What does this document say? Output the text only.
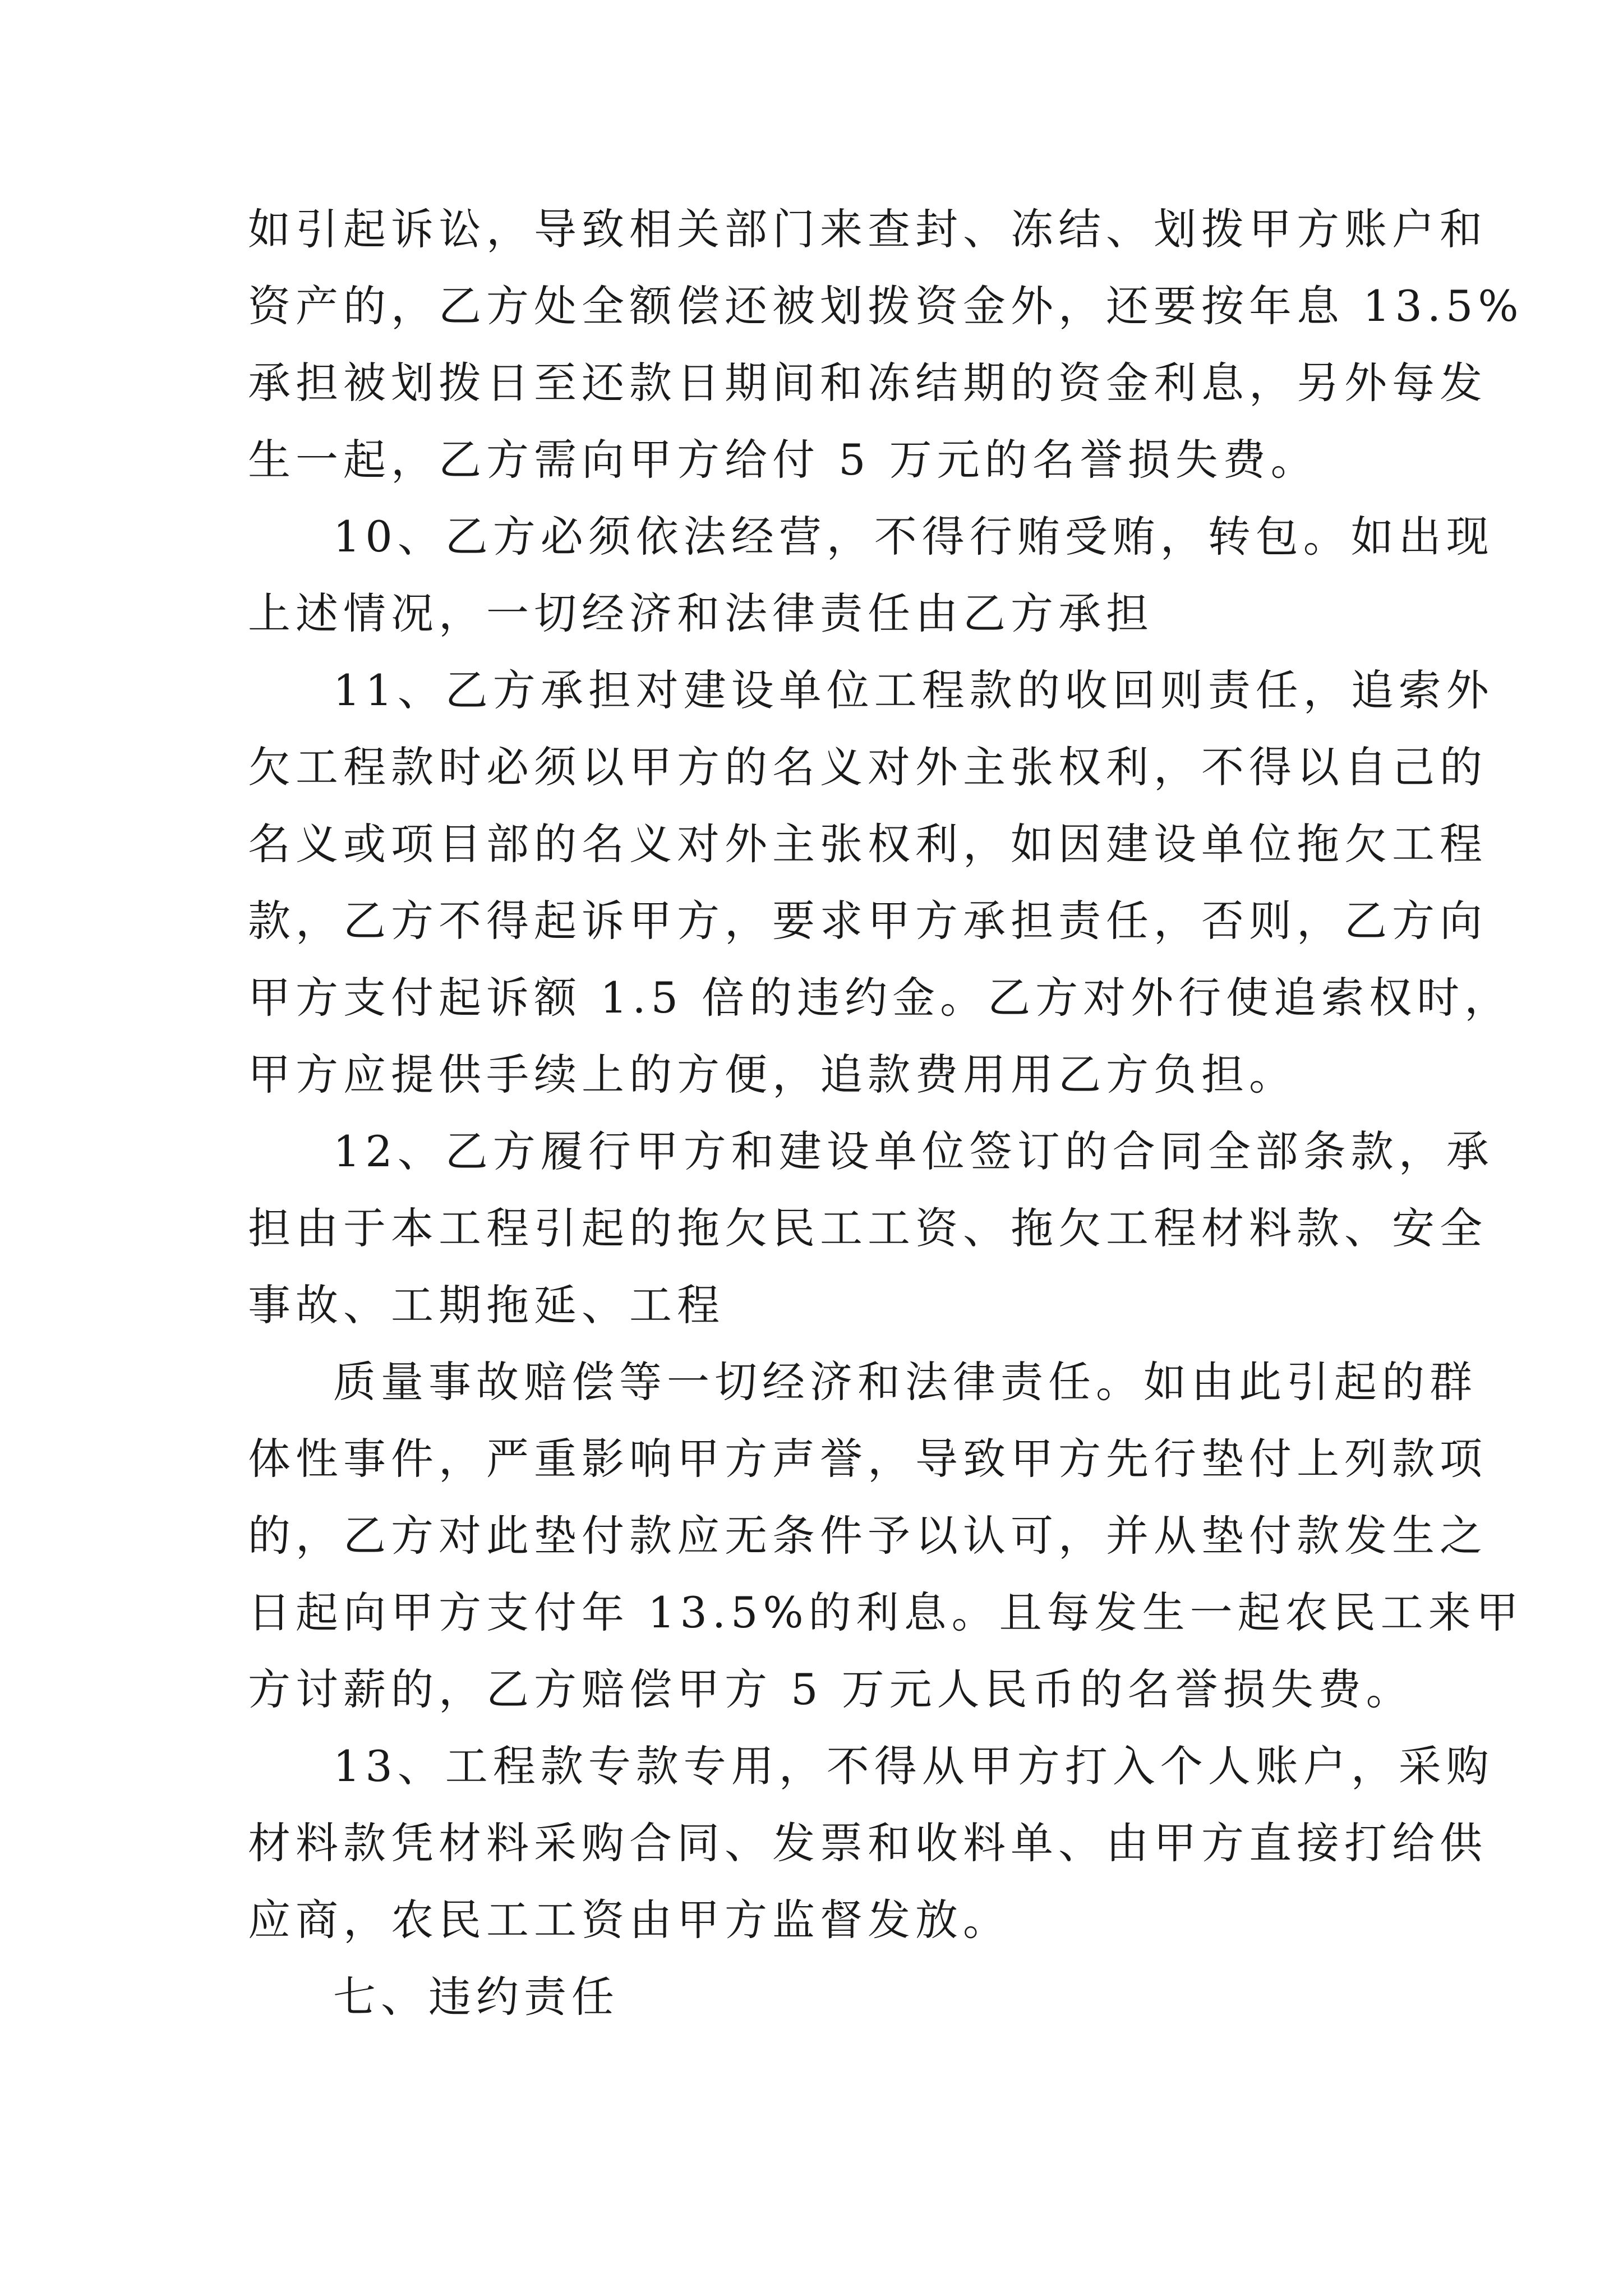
如引起诉讼，导致相关部门来查封、冻结、划拨甲方账户和
资产的，乙方处全额偿还被划拨资金外，还要按年息 13.5%
承担被划拨日至还款日期间和冻结期的资金利息，另外每发
生一起，乙方需向甲方给付 5 万元的名誉损失费。
10、乙方必须依法经营，不得行贿受贿，转包。如出现
上述情况，一切经济和法律责任由乙方承担
11、乙方承担对建设单位工程款的收回则责任，追索外
欠工程款时必须以甲方的名义对外主张权利，不得以自己的
名义或项目部的名义对外主张权利，如因建设单位拖欠工程
款，乙方不得起诉甲方，要求甲方承担责任，否则，乙方向
甲方支付起诉额 1.5 倍的违约金。乙方对外行使追索权时，
甲方应提供手续上的方便，追款费用用乙方负担。
12、乙方履行甲方和建设单位签订的合同全部条款，承
担由于本工程引起的拖欠民工工资、拖欠工程材料款、安全
事故、工期拖延、工程
质量事故赔偿等一切经济和法律责任。如由此引起的群
体性事件，严重影响甲方声誉，导致甲方先行垫付上列款项
的，乙方对此垫付款应无条件予以认可，并从垫付款发生之
日起向甲方支付年 13.5%的利息。且每发生一起农民工来甲
方讨薪的，乙方赔偿甲方 5 万元人民币的名誉损失费。
13、工程款专款专用，不得从甲方打入个人账户，采购
材料款凭材料采购合同、发票和收料单、由甲方直接打给供
应商，农民工工资由甲方监督发放。
七、违约责任
